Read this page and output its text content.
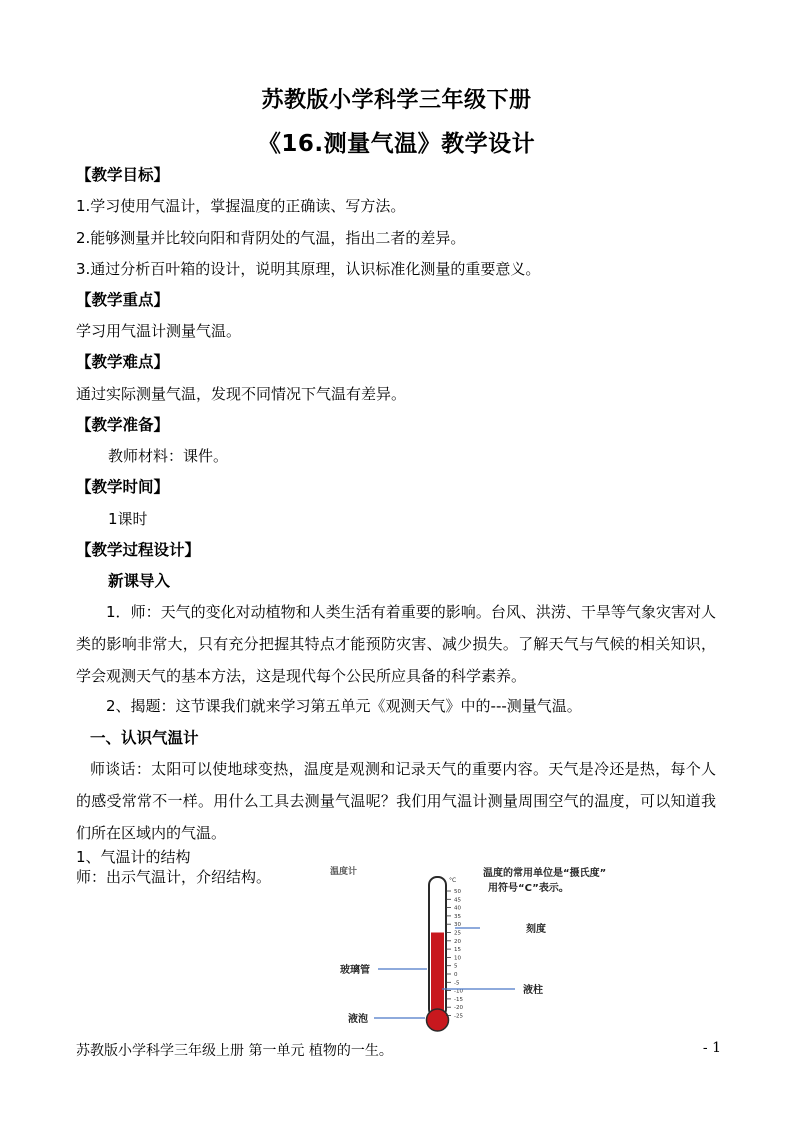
苏教版小学科学三年级下册
《16.测量气温》教学设计
【教学目标】
1.学习使用气温计，掌握温度的正确读、写方法。
2.能够测量并比较向阳和背阴处的气温，指出二者的差异。
3.通过分析百叶箱的设计，说明其原理，认识标准化测量的重要意义。
【教学重点】
学习用气温计测量气温。
【教学难点】
通过实际测量气温，发现不同情况下气温有差异。
【教学准备】
教师材料：课件。
【教学时间】
1课时
【教学过程设计】
新课导入
1．师：天气的变化对动植物和人类生活有着重要的影响。台风、洪涝、干旱等气象灾害对人类的影响非常大，只有充分把握其特点才能预防灾害、减少损失。了解天气与气候的相关知识，学会观测天气的基本方法，这是现代每个公民所应具备的科学素养。
2、揭题：这节课我们就来学习第五单元《观测天气》中的---测量气温。
一、认识气温计
师谈话：太阳可以使地球变热，温度是观测和记录天气的重要内容。天气是冷还是热，每个人的感受常常不一样。用什么工具去测量气温呢？我们用气温计测量周围空气的温度，可以知道我们所在区域内的气温。
1、气温计的结构
师：出示气温计，介绍结构。	温度计
50
45
40
35
30
25
20
15
10
5
0
-5
-10
-15
-20
-25
°C
温度的常用单位是“摄氏度”
用符号“C”表示。
刻度
玻璃管
液柱
液泡
苏教版小学科学三年级上册 第一单元 植物的一生。	- 1
